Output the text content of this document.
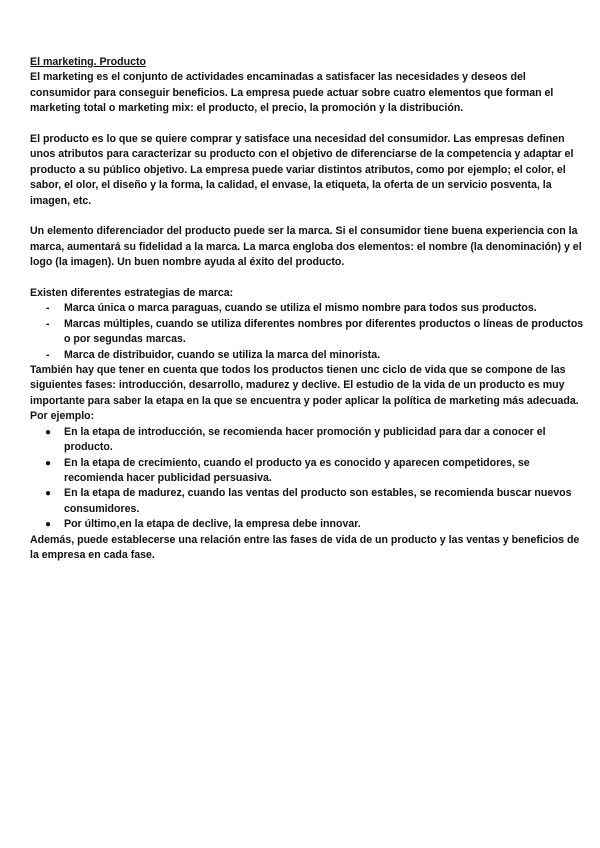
El marketing. Producto

El marketing es el conjunto de actividades encaminadas a satisfacer las necesidades y deseos del consumidor para conseguir beneficios. La empresa puede actuar sobre cuatro elementos que forman el marketing total o marketing mix: el producto, el precio, la promoción y la distribución.

El producto es lo que se quiere comprar y satisface una necesidad del consumidor. Las empresas definen unos atributos para caracterizar su producto con el objetivo de diferenciarse de la competencia y adaptar el producto a su público objetivo. La empresa puede variar distintos atributos, como por ejemplo; el color, el sabor, el olor, el diseño y la forma, la calidad, el envase, la etiqueta, la oferta de un servicio posventa, la imagen, etc.

Un elemento diferenciador del producto puede ser la marca. Si el consumidor tiene buena experiencia con la marca, aumentará su fidelidad a la marca. La marca engloba dos elementos: el nombre (la denominación) y el logo (la imagen). Un buen nombre ayuda al éxito del producto.

Existen diferentes estrategias de marca:

- Marca única o marca paraguas, cuando se utiliza el mismo nombre para todos sus productos.
- Marcas múltiples, cuando se utiliza diferentes nombres por diferentes productos o líneas de productos o por segundas marcas.
- Marca de distribuidor, cuando se utiliza la marca del minorista.

También hay que tener en cuenta que todos los productos tienen unc ciclo de vida que se compone de las siguientes fases: introducción, desarrollo, madurez y declive. El estudio de la vida de un producto es muy importante para saber la etapa en la que se encuentra y poder aplicar la política de marketing más adecuada. Por ejemplo:

● En la etapa de introducción, se recomienda hacer promoción y publicidad para dar a conocer el producto.
● En la etapa de crecimiento, cuando el producto ya es conocido y aparecen competidores, se recomienda hacer publicidad persuasiva.
● En la etapa de madurez, cuando las ventas del producto son estables, se recomienda buscar nuevos consumidores.
● Por último,en la etapa de declive, la empresa debe innovar.

Además, puede establecerse una relación entre las fases de vida de un producto y las ventas y beneficios de la empresa en cada fase.
